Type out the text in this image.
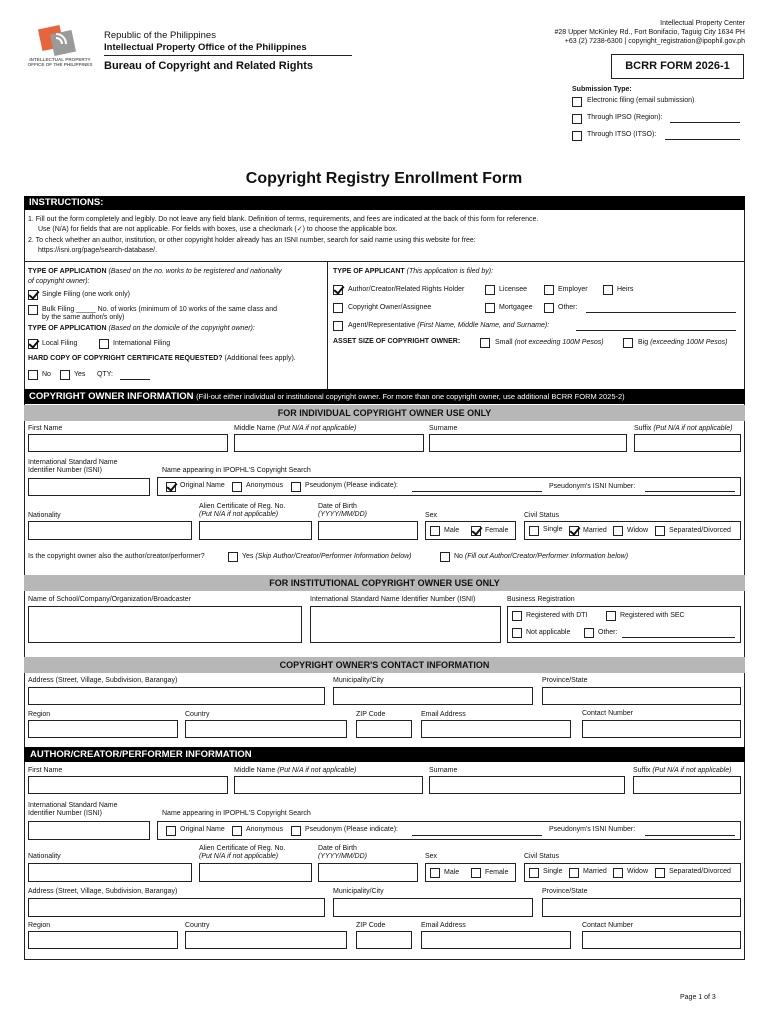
INTELLECTUAL PROPERTY OFFICE OF THE PHILIPPINES
Republic of the Philippines
Intellectual Property Office of the Philippines
Bureau of Copyright and Related Rights
Intellectual Property Center
#28 Upper McKinley Rd., Fort Bonifacio, Taguig City 1634 PH
+63 (2) 7238-6300 | copyright_registration@ipophil.gov.ph
BCRR FORM 2026-1
Submission Type:
Electronic filing (email submission)
Through IPSO (Region):
Through ITSO (ITSO):
Copyright Registry Enrollment Form
INSTRUCTIONS:
1. Fill out the form completely and legibly. Do not leave any field blank. Definition of terms, requirements, and fees are indicated at the back of this form for reference.
Use (N/A) for fields that are not applicable. For fields with boxes, use a checkmark (✓) to choose the applicable box.
2. To check whether an author, institution, or other copyright holder already has an ISNI number, search for said name using this website for free:
https://isni.org/page/search-database/.
TYPE OF APPLICATION (Based on the no. works to be registered and nationality
of copyright owner):
Single Filing (one work only)
Bulk Filing _____ No. of works (minimum of 10 works of the same class and
by the same author/s only)
TYPE OF APPLICATION (Based on the domicile of the copyright owner):
Local Filing	International Filing
HARD COPY OF COPYRIGHT CERTIFICATE REQUESTED? (Additional fees apply).
No	Yes QTY:
TYPE OF APPLICANT (This application is filed by):
Author/Creator/Related Rights Holder	Licensee	Employer	Heirs
Copyright Owner/Assignee	Mortgagee	Other:
Agent/Representative (First Name, Middle Name, and Surname):
ASSET SIZE OF COPYRIGHT OWNER:	Small (not exceeding 100M Pesos)	Big (exceeding 100M Pesos)
COPYRIGHT OWNER INFORMATION (Fill-out either individual or institutional copyright owner. For more than one copyright owner, use additional BCRR FORM 2025-2)
FOR INDIVIDUAL COPYRIGHT OWNER USE ONLY
First Name	Middle Name (Put N/A if not applicable)	Surname	Suffix (Put N/A if not applicable)
International Standard Name
Identifier Number (ISNI)	Name appearing in IPOPHL'S Copyright Search
Original Name	Anonymous	Pseudonym (Please indicate):	Pseudonym's ISNI Number:
Nationality
Alien Certificate of Reg. No.
(Put N/A if not applicable)
Date of Birth
(YYYY/MM/DD)	Sex
Male	Female
Civil Status
Single	Married	Widow	Separated/Divorced
Is the copyright owner also the author/creator/performer?	Yes (Skip Author/Creator/Performer Information below)	No (Fill out Author/Creator/Performer Information below)
FOR INSTITUTIONAL COPYRIGHT OWNER USE ONLY
Name of School/Company/Organization/Broadcaster	International Standard Name Identifier Number (ISNI)	Business Registration
Registered with DTI	Registered with SEC
Not applicable	Other:
COPYRIGHT OWNER'S CONTACT INFORMATION
Address (Street, Village, Subdivision, Barangay)	Municipality/City	Province/State
Region	Country	ZIP Code	Email Address	Contact Number
AUTHOR/CREATOR/PERFORMER INFORMATION
First Name	Middle Name (Put N/A if not applicable)	Surname	Suffix (Put N/A if not applicable)
International Standard Name
Identifier Number (ISNI)	Name appearing in IPOPHL'S Copyright Search
Original Name	Anonymous	Pseudonym (Please indicate):	Pseudonym's ISNI Number:
Nationality
Alien Certificate of Reg. No.
(Put N/A if not applicable)
Date of Birth
(YYYY/MM/DD)	Sex
Male	Female
Civil Status
Single	Married	Widow	Separated/Divorced
Address (Street, Village, Subdivision, Barangay)	Municipality/City	Province/State
Region	Country	ZIP Code	Email Address	Contact Number
Page 1 of 3
